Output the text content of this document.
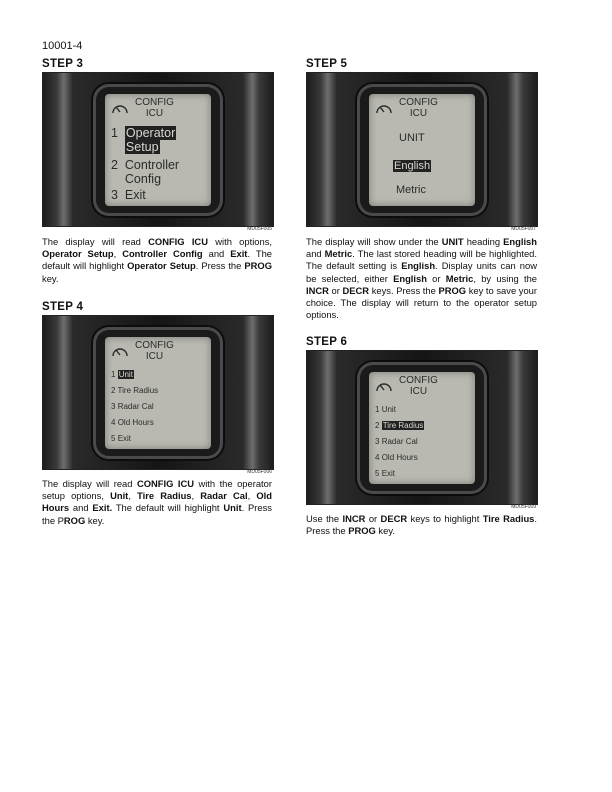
10001-4
STEP 3
CONFIG
ICU
1 Operator
Setup
2 Controller
Config
3 Exit
MD05F005
The display will read CONFIG ICU with options, Operator Setup, Controller Config and Exit. The default will highlight Operator Setup. Press the PROG key.
STEP 4
CONFIG
ICU
1 Unit
2 Tire Radius
3 Radar Cal
4 Old Hours
5 Exit
MD05F006
The display will read CONFIG ICU with the operator setup options, Unit, Tire Radius, Radar Cal, Old Hours and Exit. The default will highlight Unit. Press the PROG key.
STEP 5
CONFIG
ICU
UNIT
English
Metric
MD05F007
The display will show under the UNIT heading English and Metric. The last stored heading will be highlighted. The default setting is English. Display units can now be selected, either English or Metric, by using the INCR or DECR keys. Press the PROG key to save your choice. The display will return to the operator setup options.
STEP 6
CONFIG
ICU
1 Unit
2 Tire Radius
3 Radar Cal
4 Old Hours
5 Exit
MD05F009
Use the INCR or DECR keys to highlight Tire Radius. Press the PROG key.
